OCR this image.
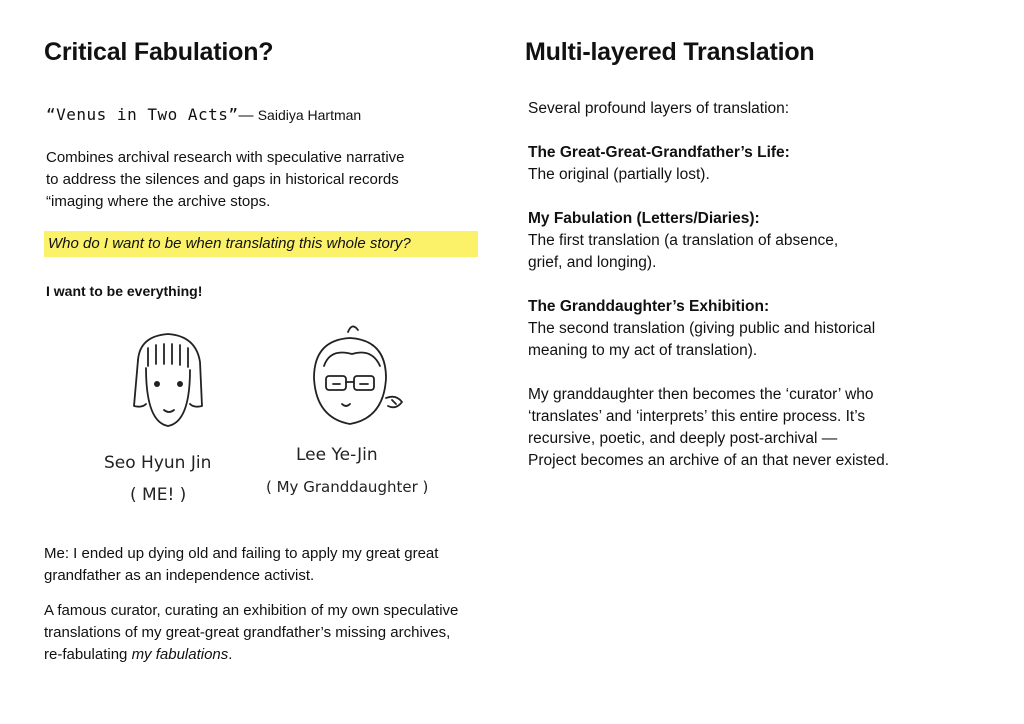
Critical Fabulation?	Multi-layered Translation

“Venus in Two Acts”— Saidiya Hartman

Combines archival research with speculative narrative
to address the silences and gaps in historical records
“imaging where the archive stops.
Who do I want to be when translating this whole story?

I want to be everything!

Seo Hyun Jin
( ME! )
Lee Ye-Jin
( My Granddaughter )
Me: I ended up dying old and failing to apply my great great
grandfather as an independence activist.
A famous curator, curating an exhibition of my own speculative
translations of my great-great grandfather’s missing archives,
re-fabulating my fabulations.

Several profound layers of translation:

The Great-Great-Grandfather’s Life:
The original (partially lost).
My Fabulation (Letters/Diaries):
The first translation (a translation of absence,
grief, and longing).
The Granddaughter’s Exhibition:
The second translation (giving public and historical
meaning to my act of translation).
My granddaughter then becomes the ‘curator’ who
‘translates’ and ‘interprets’ this entire process. It’s
recursive, poetic, and deeply post-archival —
Project becomes an archive of an that never existed.
